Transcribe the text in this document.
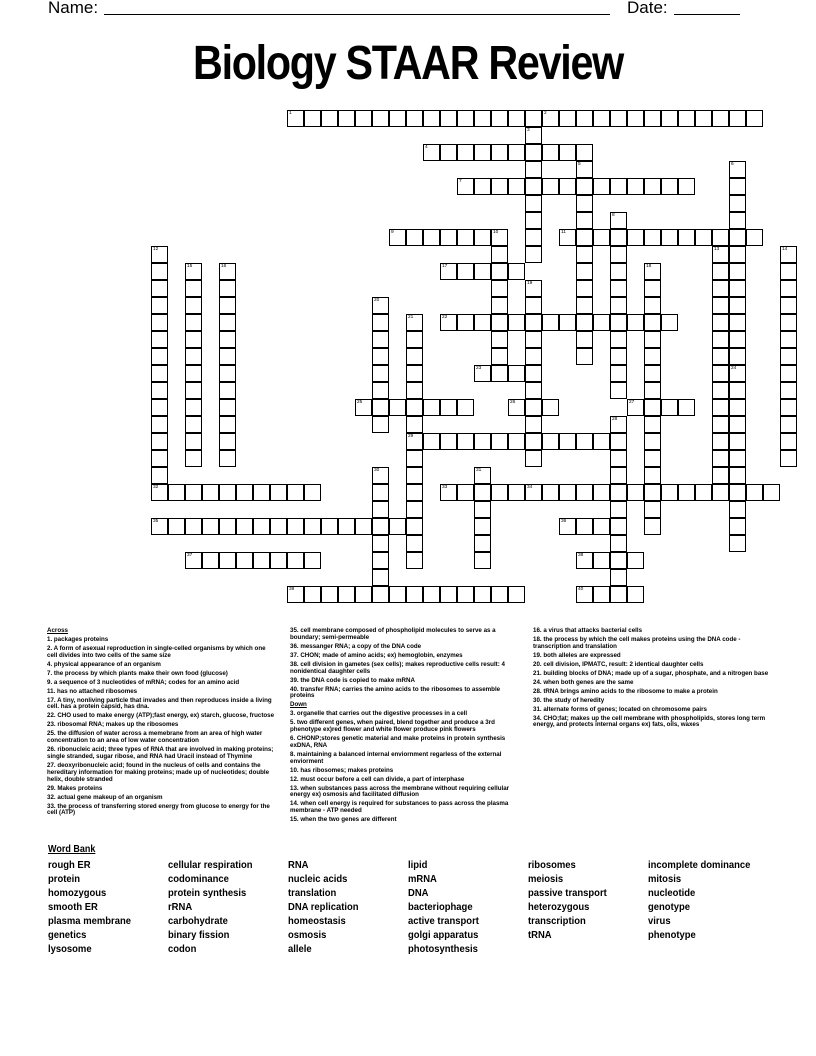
Name:	Date:
Biology STAAR Review
1	2
3
4
5	6
24
7
8
9	10	11
12	13	14
15	16	17	18
19
20
21
29
22
23
25	26	27
28
30	31
32	33	34
35	36
37	38
39	40

Across

1. packages proteins

2. A form of asexual reproduction in single-celled organisms by which one cell divides into two cells of the same size

4. physical appearance of an organism

7. the process by which plants make their own food (glucose)

9. a sequence of 3 nucleotides of mRNA; codes for an amino acid

11. has no attached ribosomes

17. A tiny, nonliving particle that invades and then reproduces inside a living cell. has a protein capsid, has dna.

22. CHO used to make energy (ATP);fast energy, ex) starch, glucose, fructose

23. ribosomal RNA; makes up the ribosomes

25. the diffusion of water across a memebrane from an area of high water concentration to an area of low water concentration

26. ribonucleic acid; three types of RNA that are involved in making proteins; single stranded, sugar ribose, and RNA had Uracil instead of Thymine

27. deoxyribonucleic acid; found in the nucleus of cells and contains the hereditary information for making proteins; made up of nucleotides; double helix, double stranded

29. Makes proteins

32. actual gene makeup of an organism

33. the process of transferring stored energy from glucose to energy for the cell (ATP)

35. cell membrane composed of phospholipid molecules to serve as a boundary; semi-permeable

36. messanger RNA; a copy of the DNA code

37. CHON; made of amino acids; ex) hemoglobin, enzymes

38. cell division in gametes (sex cells); makes reproductive cells result: 4 nonidentical daughter cells

39. the DNA code is copied to make mRNA

40. transfer RNA; carries the amino acids to the ribosomes to assemble proteins

Down

3. organelle that carries out the digestive processes in a cell

5. two different genes, when paired, blend together and produce a 3rd phenotype ex)red flower and white flower produce pink flowers

6. CHONP;stores genetic material and make proteins in protein synthesis exDNA, RNA

8. maintaining a balanced internal enviornment regarless of the external enviorment

10. has ribosomes; makes proteins

12. must occur before a cell can divide, a part of interphase

13. when substances pass across the membrane without requiring cellular energy ex) osmosis and facilitated diffusion

14. when cell energy is required for substances to pass across the plasma membrane - ATP needed

15. when the two genes are different

16. a virus that attacks bacterial cells

18. the process by which the cell makes proteins using the DNA code - transcription and translation

19. both alleles are expressed

20. cell division, IPMATC, result: 2 identical daughter cells

21. building blocks of DNA; made up of a sugar, phosphate, and a nitrogen base

24. when both genes are the same

28. tRNA brings amino acids to the ribosome to make a protein

30. the study of heredity

31. alternate forms of genes; located on chromosome pairs

34. CHO;fat; makes up the cell membrane with phospholipids, stores long term energy, and protects internal organs ex) fats, oils, waxes

Word Bank
rough ER
protein
homozygous
smooth ER
plasma membrane
genetics
lysosome
cellular respiration
codominance
protein synthesis
rRNA
carbohydrate
binary fission
codon
RNA
nucleic acids
translation
DNA replication
homeostasis
osmosis
allele
lipid
mRNA
DNA
bacteriophage
active transport
golgi apparatus
photosynthesis
ribosomes
meiosis
passive transport
heterozygous
transcription
tRNA
incomplete dominance
mitosis
nucleotide
genotype
virus
phenotype
